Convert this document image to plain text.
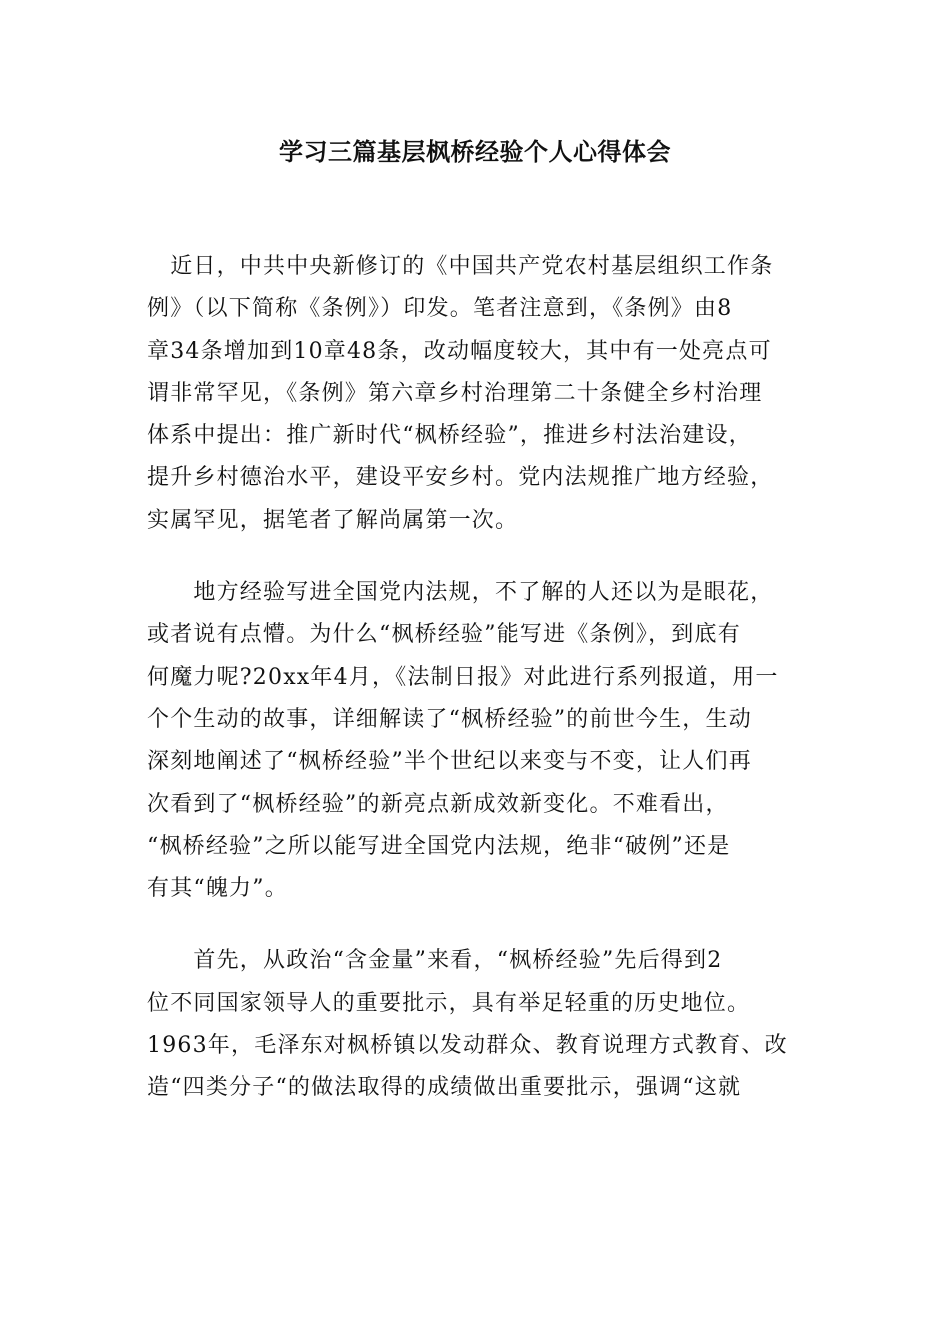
学习三篇基层枫桥经验个人心得体会
　近日，中共中央新修订的《中国共产党农村基层组织工作条
例》（以下简称《条例》）印发。笔者注意到，《条例》由8
章34条增加到10章48条，改动幅度较大，其中有一处亮点可
谓非常罕见，《条例》第六章乡村治理第二十条健全乡村治理
体系中提出：推广新时代“枫桥经验”，推进乡村法治建设，
提升乡村德治水平，建设平安乡村。党内法规推广地方经验，
实属罕见，据笔者了解尚属第一次。
　　地方经验写进全国党内法规，不了解的人还以为是眼花，
或者说有点懵。为什么“枫桥经验”能写进《条例》，到底有
何魔力呢?20xx年4月，《法制日报》对此进行系列报道，用一
个个生动的故事，详细解读了“枫桥经验”的前世今生，生动
深刻地阐述了“枫桥经验”半个世纪以来变与不变，让人们再
次看到了“枫桥经验”的新亮点新成效新变化。不难看出，
“枫桥经验”之所以能写进全国党内法规，绝非“破例”还是
有其“魄力”。
　　首先，从政治“含金量”来看，“枫桥经验”先后得到2
位不同国家领导人的重要批示，具有举足轻重的历史地位。
1963年，毛泽东对枫桥镇以发动群众、教育说理方式教育、改
造“四类分子“的做法取得的成绩做出重要批示，强调“这就
